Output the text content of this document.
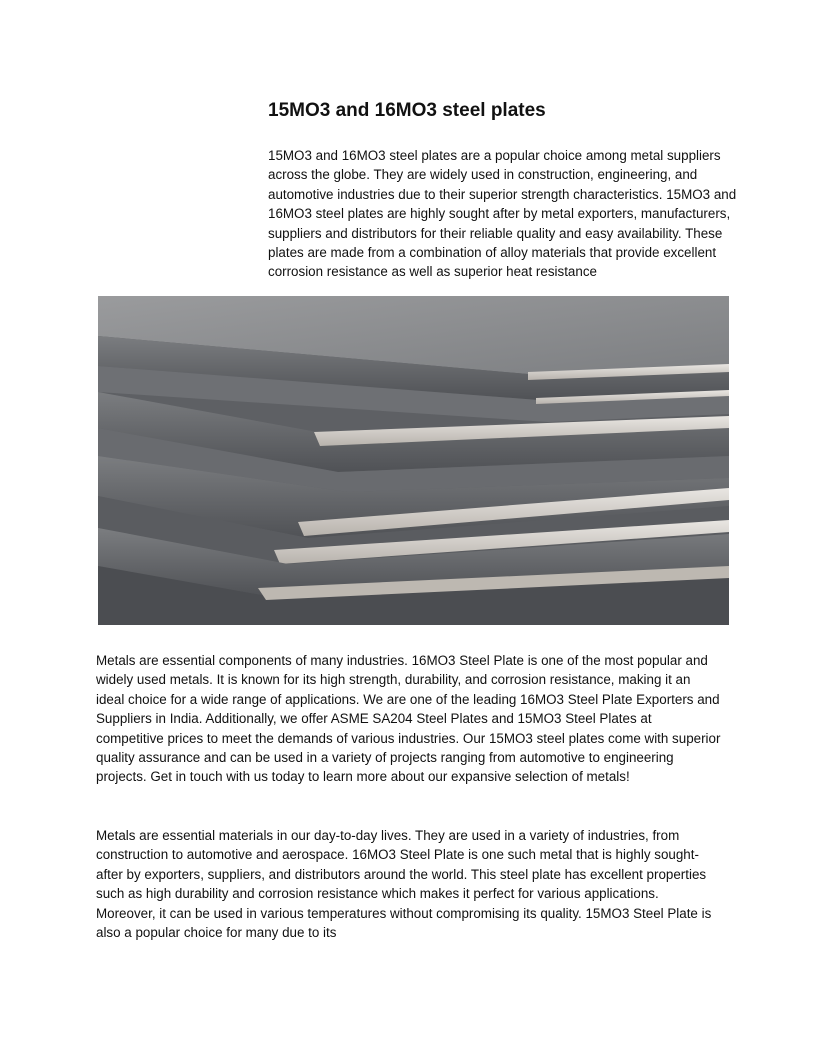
15MO3 and 16MO3 steel plates

15MO3 and 16MO3 steel plates are a popular choice among metal suppliers across the globe. They are widely used in construction, engineering, and automotive industries due to their superior strength characteristics. 15MO3 and 16MO3 steel plates are highly sought after by metal exporters, manufacturers, suppliers and distributors for their reliable quality and easy availability. These plates are made from a combination of alloy materials that provide excellent corrosion resistance as well as superior heat resistance

Metals are essential components of many industries. 16MO3 Steel Plate is one of the most popular and widely used metals. It is known for its high strength, durability, and corrosion resistance, making it an ideal choice for a wide range of applications. We are one of the leading 16MO3 Steel Plate Exporters and Suppliers in India. Additionally, we offer ASME SA204 Steel Plates and 15MO3 Steel Plates at competitive prices to meet the demands of various industries. Our 15MO3 steel plates come with superior quality assurance and can be used in a variety of projects ranging from automotive to engineering projects. Get in touch with us today to learn more about our expansive selection of metals!

Metals are essential materials in our day-to-day lives. They are used in a variety of industries, from construction to automotive and aerospace. 16MO3 Steel Plate is one such metal that is highly sought-after by exporters, suppliers, and distributors around the world. This steel plate has excellent properties such as high durability and corrosion resistance which makes it perfect for various applications. Moreover, it can be used in various temperatures without compromising its quality. 15MO3 Steel Plate is also a popular choice for many due to its
